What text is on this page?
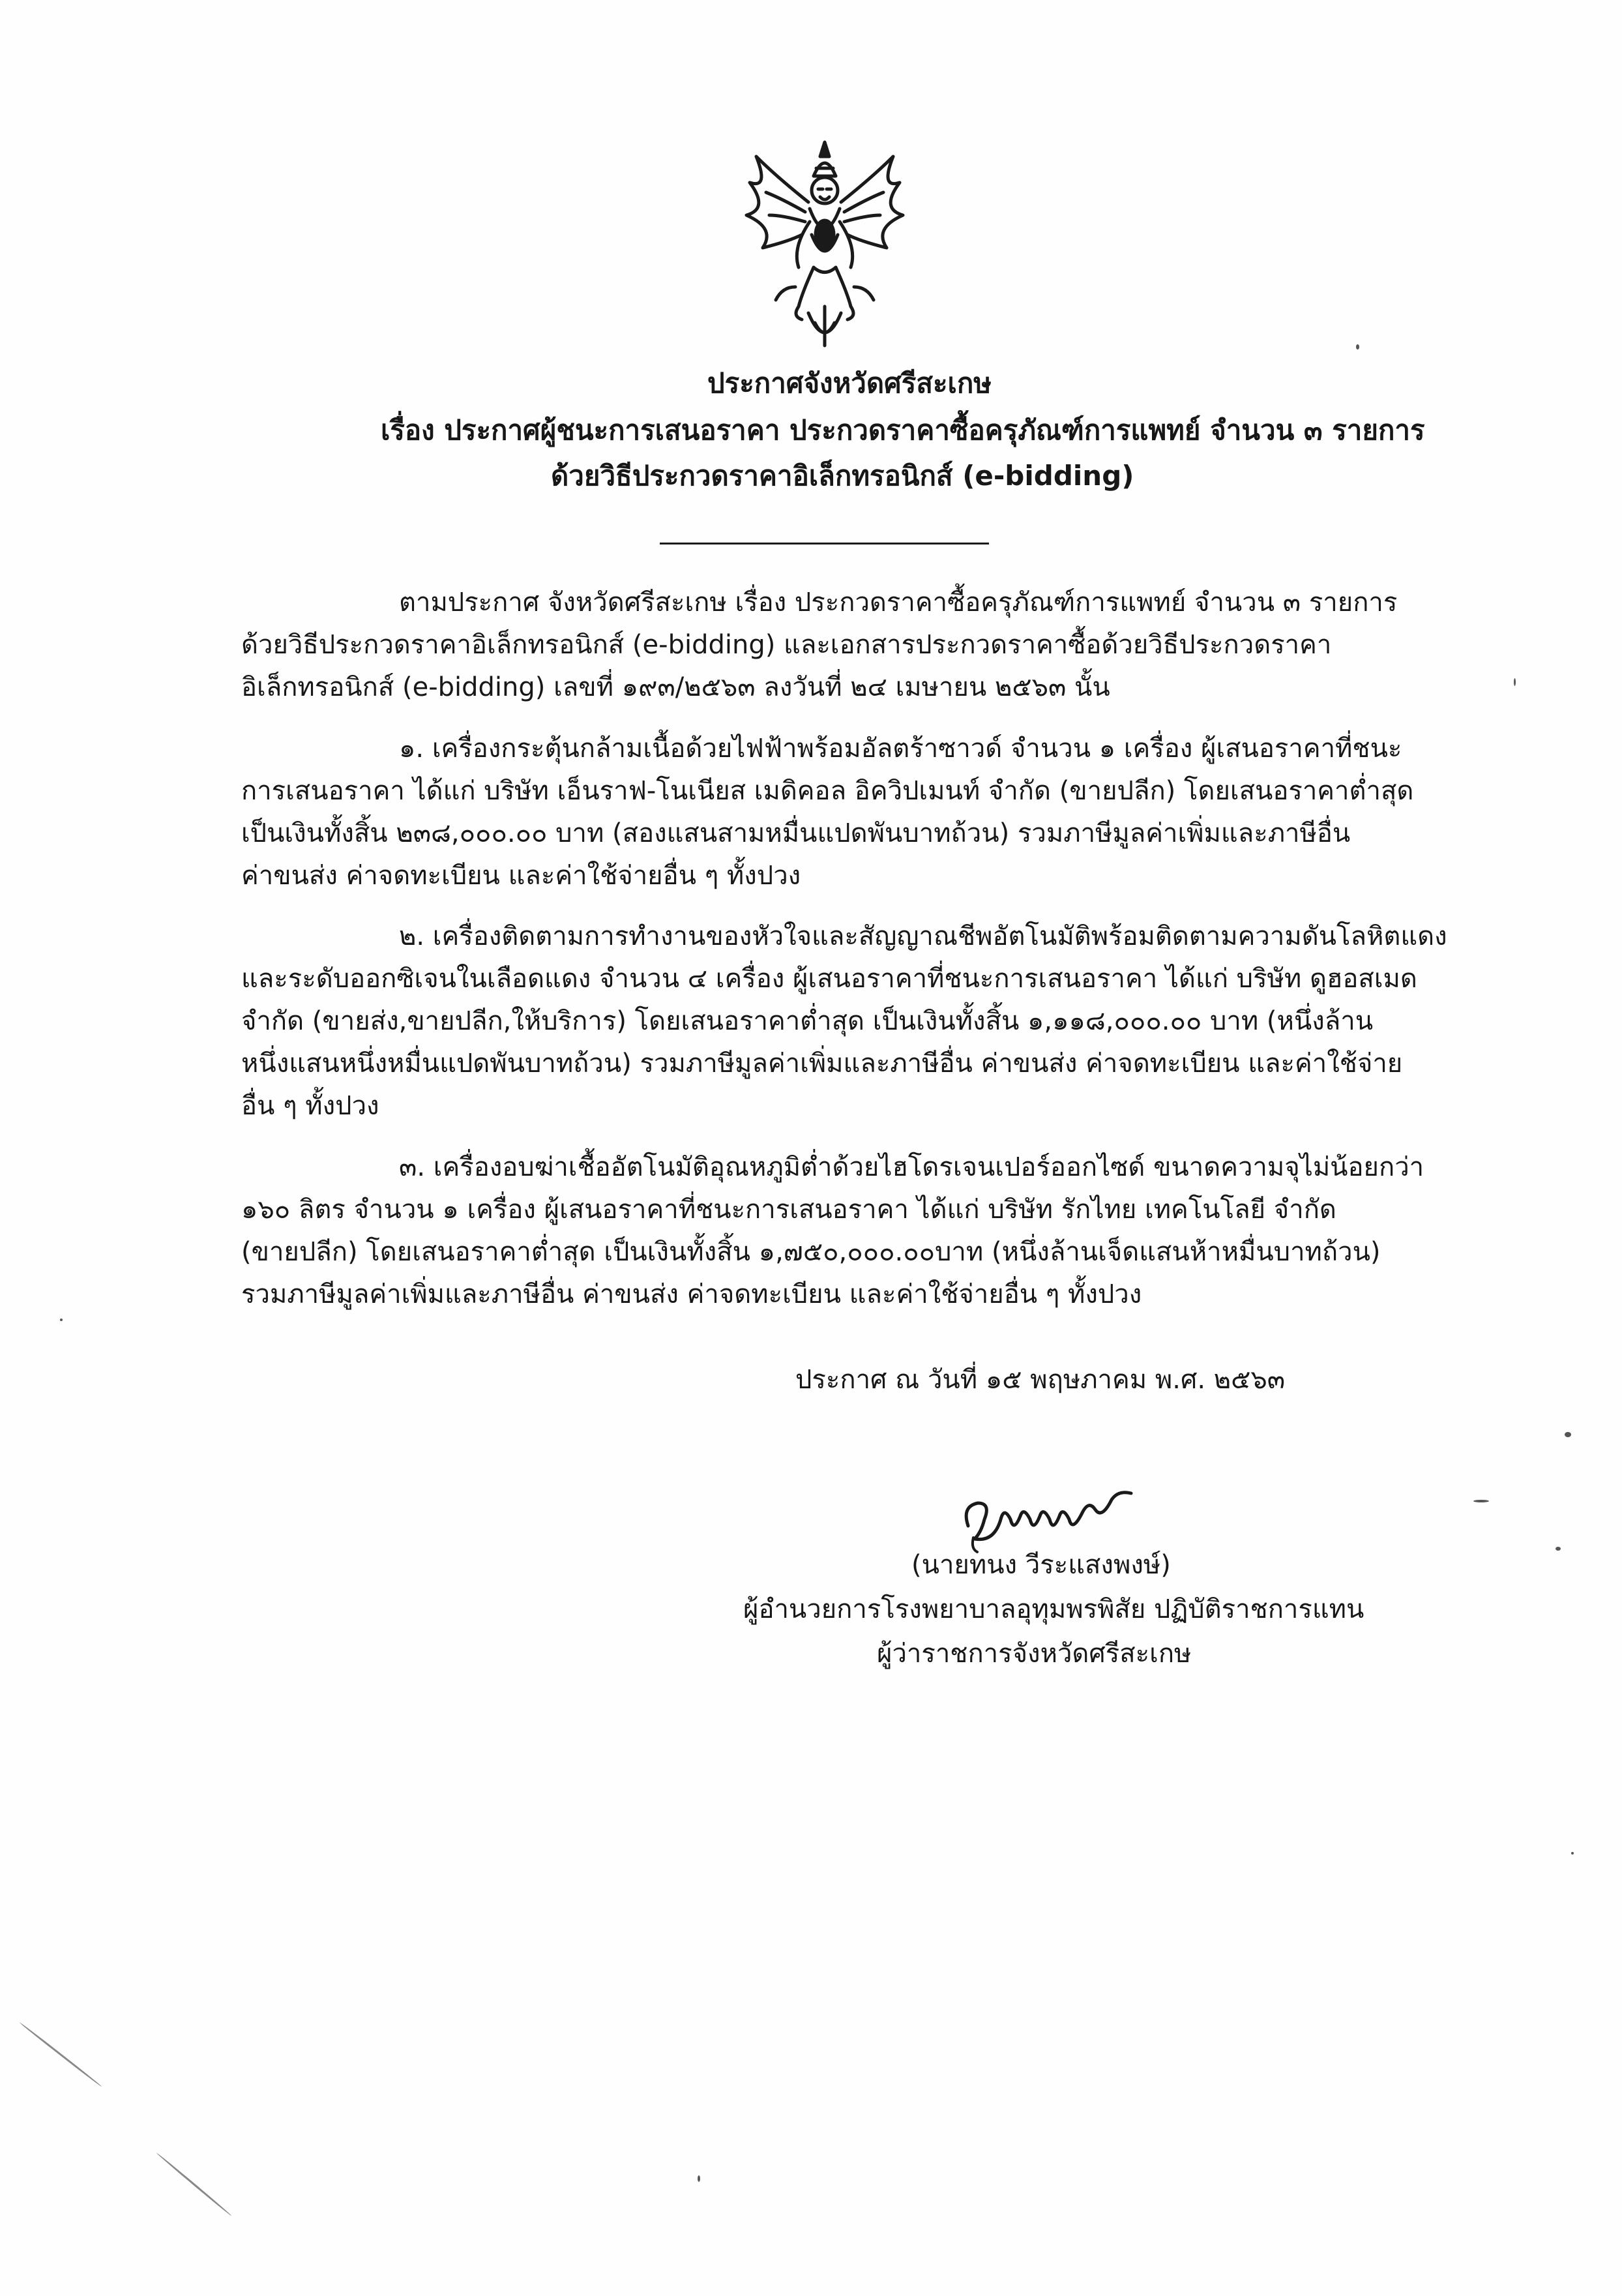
ประกาศจังหวัดศรีสะเกษ
เรื่อง ประกาศผู้ชนะการเสนอราคา ประกวดราคาซื้อครุภัณฑ์การแพทย์ จำนวน ๓ รายการ
ด้วยวิธีประกวดราคาอิเล็กทรอนิกส์ (e-bidding)
ตามประกาศ จังหวัดศรีสะเกษ เรื่อง ประกวดราคาซื้อครุภัณฑ์การแพทย์ จำนวน ๓ รายการ
ด้วยวิธีประกวดราคาอิเล็กทรอนิกส์ (e-bidding) และเอกสารประกวดราคาซื้อด้วยวิธีประกวดราคา
อิเล็กทรอนิกส์ (e-bidding) เลขที่ ๑๙๓/๒๕๖๓ ลงวันที่ ๒๔ เมษายน ๒๕๖๓ นั้น
๑. เครื่องกระตุ้นกล้ามเนื้อด้วยไฟฟ้าพร้อมอัลตร้าซาวด์ จำนวน ๑ เครื่อง ผู้เสนอราคาที่ชนะ
การเสนอราคา ได้แก่ บริษัท เอ็นราฟ-โนเนียส เมดิคอล อิควิปเมนท์ จำกัด (ขายปลีก) โดยเสนอราคาต่ำสุด
เป็นเงินทั้งสิ้น ๒๓๘,๐๐๐.๐๐ บาท (สองแสนสามหมื่นแปดพันบาทถ้วน) รวมภาษีมูลค่าเพิ่มและภาษีอื่น
ค่าขนส่ง ค่าจดทะเบียน และค่าใช้จ่ายอื่น ๆ ทั้งปวง
๒. เครื่องติดตามการทำงานของหัวใจและสัญญาณชีพอัตโนมัติพร้อมติดตามความดันโลหิตแดง
และระดับออกซิเจนในเลือดแดง จำนวน ๔ เครื่อง ผู้เสนอราคาที่ชนะการเสนอราคา ได้แก่ บริษัท ดูฮอสเมด
จำกัด (ขายส่ง,ขายปลีก,ให้บริการ) โดยเสนอราคาต่ำสุด เป็นเงินทั้งสิ้น ๑,๑๑๘,๐๐๐.๐๐ บาท (หนึ่งล้าน
หนึ่งแสนหนึ่งหมื่นแปดพันบาทถ้วน) รวมภาษีมูลค่าเพิ่มและภาษีอื่น ค่าขนส่ง ค่าจดทะเบียน และค่าใช้จ่าย
อื่น ๆ ทั้งปวง
๓. เครื่องอบฆ่าเชื้ออัตโนมัติอุณหภูมิต่ำด้วยไฮโดรเจนเปอร์ออกไซด์ ขนาดความจุไม่น้อยกว่า
๑๖๐ ลิตร จำนวน ๑ เครื่อง ผู้เสนอราคาที่ชนะการเสนอราคา ได้แก่ บริษัท รักไทย เทคโนโลยี จำกัด
(ขายปลีก) โดยเสนอราคาต่ำสุด เป็นเงินทั้งสิ้น ๑,๗๕๐,๐๐๐.๐๐บาท (หนึ่งล้านเจ็ดแสนห้าหมื่นบาทถ้วน)
รวมภาษีมูลค่าเพิ่มและภาษีอื่น ค่าขนส่ง ค่าจดทะเบียน และค่าใช้จ่ายอื่น ๆ ทั้งปวง
ประกาศ ณ วันที่ ๑๕ พฤษภาคม พ.ศ. ๒๕๖๓
(นายทนง วีระแสงพงษ์)
ผู้อำนวยการโรงพยาบาลอุทุมพรพิสัย ปฏิบัติราชการแทน
ผู้ว่าราชการจังหวัดศรีสะเกษ
